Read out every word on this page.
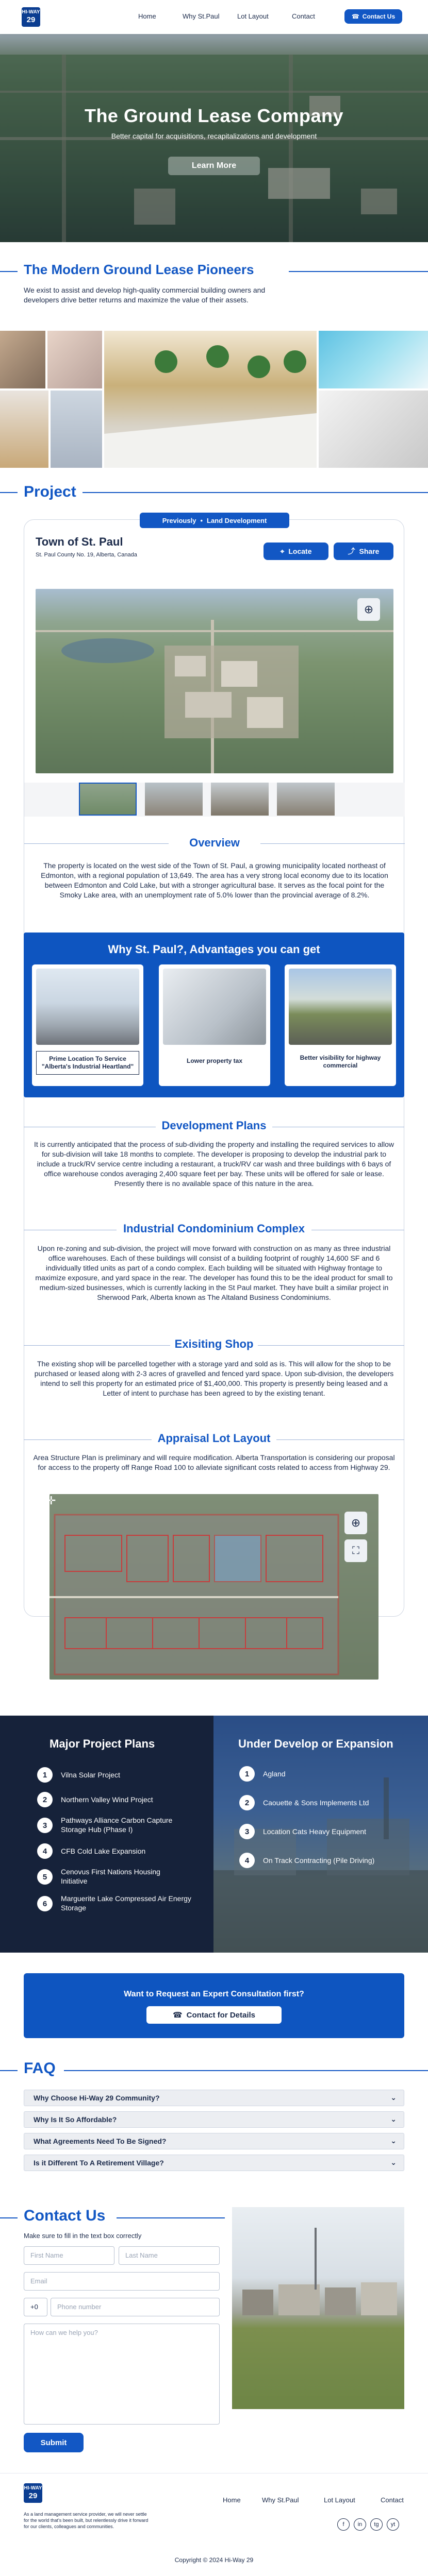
HI-WAY
29	Home	Why St.Paul	Lot Layout	Contact	☎ Contact Us
The Ground Lease Company
Better capital for acquisitions, recapitalizations and development
Learn More
The Modern Ground Lease Pioneers
We exist to assist and develop high-quality commercial building owners and developers drive better returns and maximize the value of their assets.
Project
Previously • Land Development
Town of St. Paul
St. Paul County No. 19, Alberta, Canada	⌖ Locate	⤴ Share
⊕
Overview
The property is located on the west side of the Town of St. Paul, a growing municipality located northeast of Edmonton, with a regional population of 13,649. The area has a very strong local economy due to its location between Edmonton and Cold Lake, but with a stronger agricultural base. It serves as the focal point for the Smoky Lake area, with an unemployment rate of 5.0% lower than the provincial average of 8.2%.
Why St. Paul?, Advantages you can get
Prime Location To Service "Alberta's Industrial Heartland"
Lower property tax	Better visibility for highway commercial
Development Plans
It is currently anticipated that the process of sub-dividing the property and installing the required services to allow for sub-division will take 18 months to complete. The developer is proposing to develop the industrial park to include a truck/RV service centre including a restaurant, a truck/RV car wash and three buildings with 6 bays of office warehouse condos averaging 2,400 square feet per bay. These units will be offered for sale or lease. Presently there is no available space of this nature in the area.
Industrial Condominium Complex
Upon re-zoning and sub-division, the project will move forward with construction on as many as three industrial office warehouses. Each of these buildings will consist of a building footprint of roughly 14,600 SF and 6 individually titled units as part of a condo complex. Each building will be situated with Highway frontage to maximize exposure, and yard space in the rear. The developer has found this to be the ideal product for small to medium-sized businesses, which is currently lacking in the St Paul market. They have built a similar project in Sherwood Park, Alberta known as The Altaland Business Condominiums.
Exisiting Shop
The existing shop will be parcelled together with a storage yard and sold as is. This will allow for the shop to be purchased or leased along with 2-3 acres of gravelled and fenced yard space. Upon sub-division, the developers intend to sell this property for an estimated price of $1,400,000. This property is presently being leased and a Letter of intent to purchase has been agreed to by the existing tenant.
Appraisal Lot Layout
Area Structure Plan is preliminary and will require modification. Alberta Transportation is considering our proposal for access to the property off Range Road 100 to alleviate significant costs related to access from Highway 29.
✛
⊕
⛶
Major Project Plans
1	Vilna Solar Project
2	Northern Valley Wind Project
3
Pathways Alliance Carbon Capture Storage Hub (Phase I)
4	CFB Cold Lake Expansion
5
Cenovus First Nations Housing Initiative
6
Marguerite Lake Compressed Air Energy Storage
Under Develop or Expansion
1	Agland
2	Caouette & Sons Implements Ltd
3	Location Cats Heavy Equipment
4	On Track Contracting (Pile Driving)
Want to Request an Expert Consultation first?
☎ Contact for Details
FAQ
Why Choose Hi-Way 29 Community?	⌄
Why Is It So Affordable?	⌄
What Agreements Need To Be Signed?	⌄
Is it Different To A Retirement Village?	⌄
Contact Us
Make sure to fill in the text box correctly
First Name	Last Name
Email
+0	Phone number
How can we help you?
Submit
HI-WAY
29
As a land management service provider, we will never settle for the world that's been built, but relentlessly drive it forward for our clients, colleagues and communities.
Home	Why St.Paul	Lot Layout	Contact
f	in	tg	yt
Copyright © 2024 Hi-Way 29
